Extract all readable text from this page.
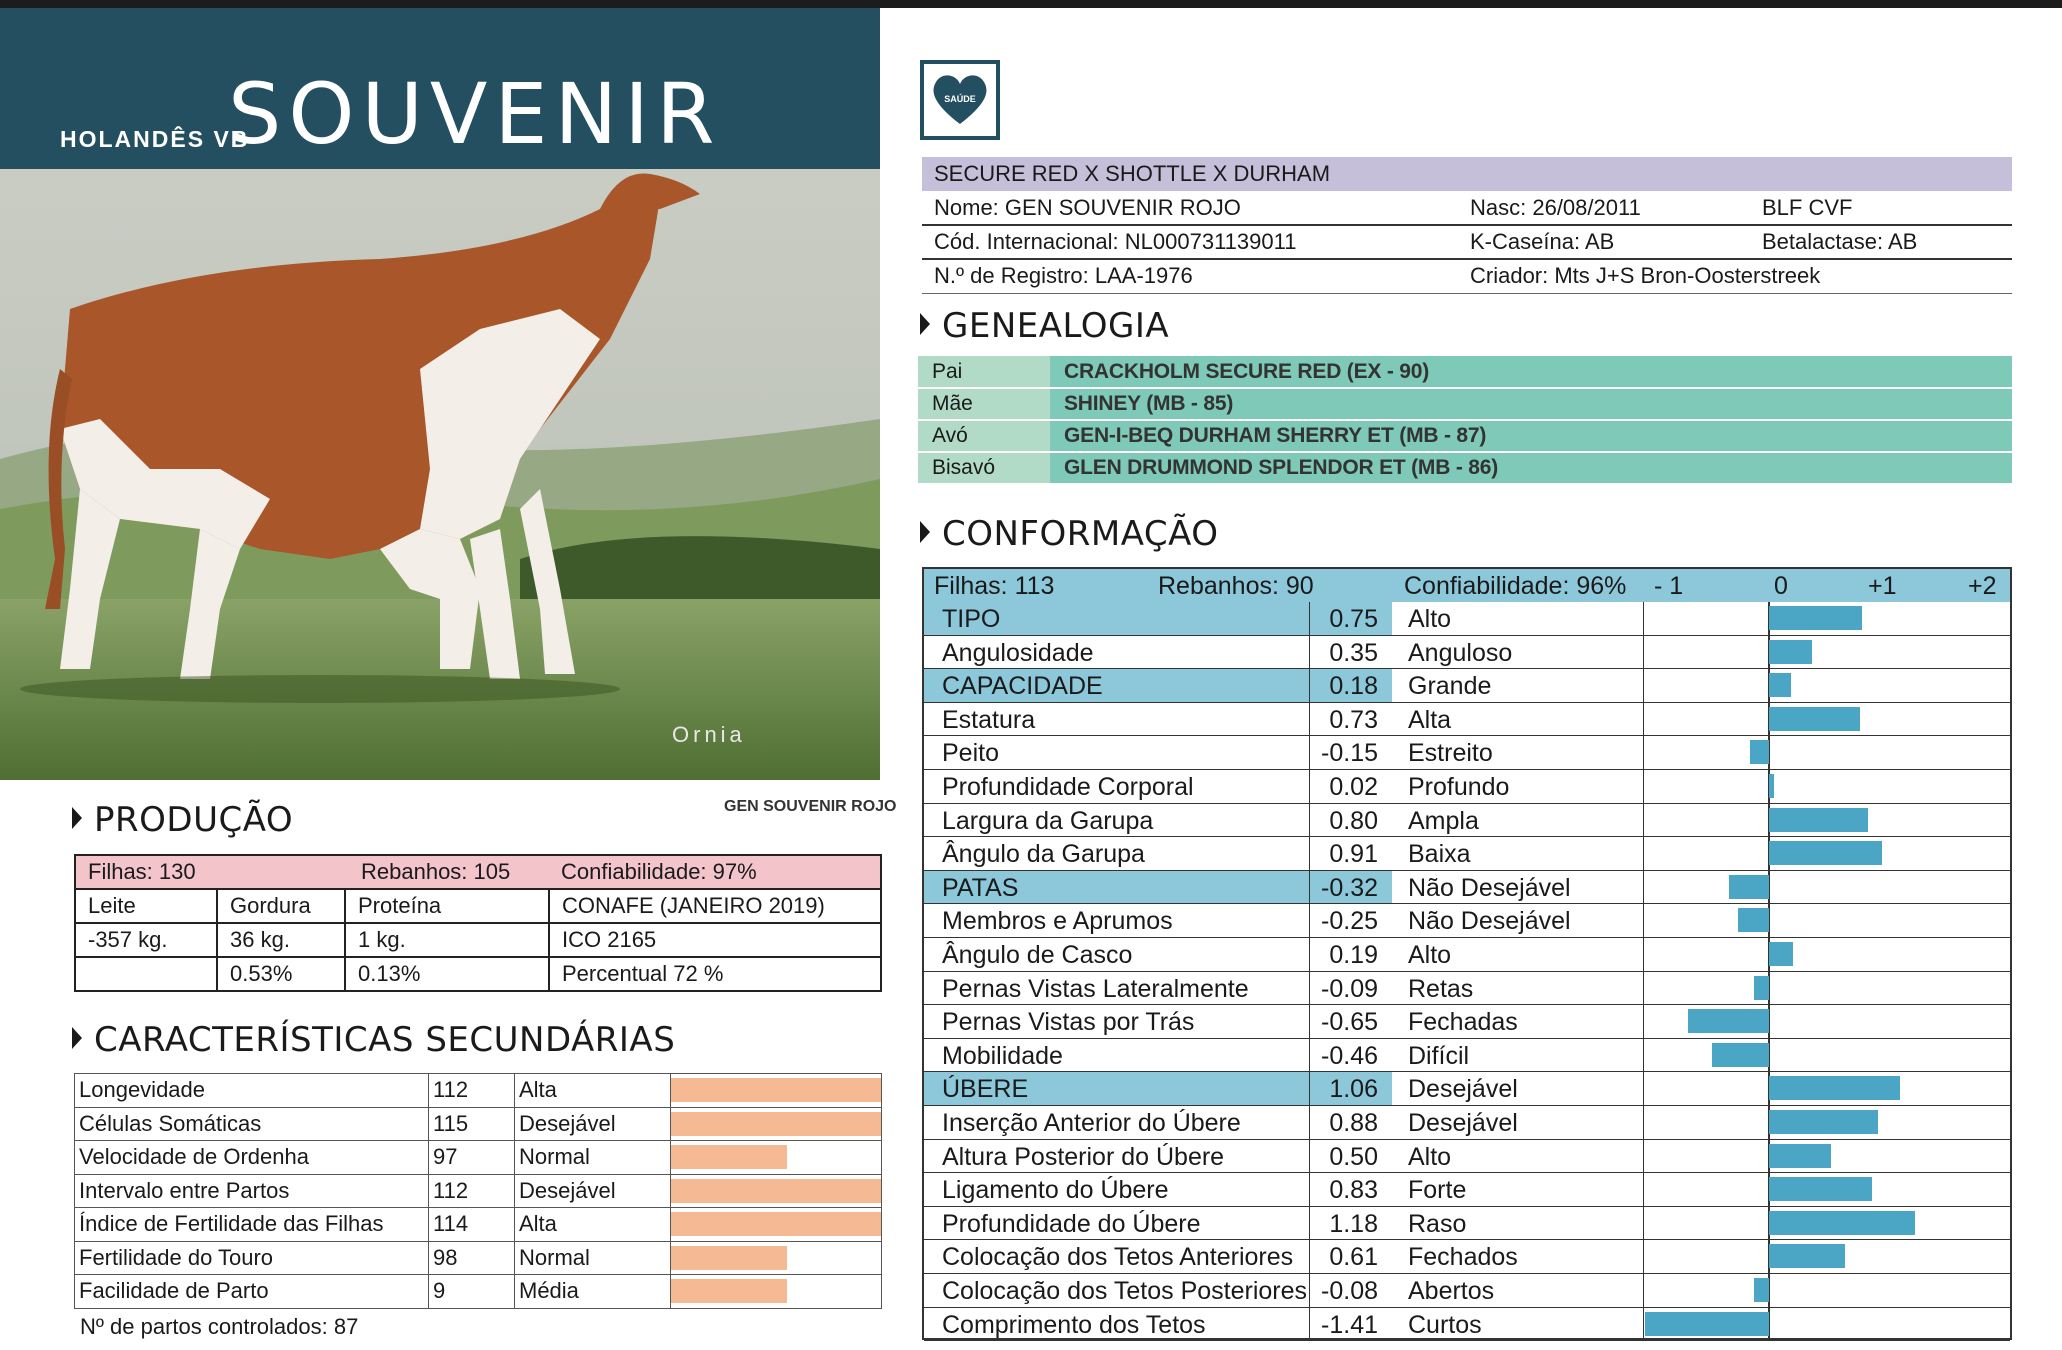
HOLANDÊS VB
SOUVENIR
Ornia
GEN SOUVENIR ROJO
PRODUÇÃO
Filhas: 130		Rebanhos: 105	Confiabilidade: 97%
Leite	Gordura	Proteína	CONAFE (JANEIRO 2019)
-357 kg.	36 kg.	1 kg.	ICO 2165
	0.53%	0.13%	Percentual 72 %
CARACTERÍSTICAS SECUNDÁRIAS
Longevidade	112	Alta	

Células Somáticas	115	Desejável	

Velocidade de Ordenha	97	Normal	

Intervalo entre Partos	112	Desejável	

Índice de Fertilidade das Filhas	114	Alta	

Fertilidade do Touro	98	Normal	

Facilidade de Parto	9	Média	
Nº de partos controlados: 87
SAÚDE
SECURE RED X SHOTTLE X DURHAM		
Nome: GEN SOUVENIR ROJO	Nasc: 26/08/2011	BLF CVF
Cód. Internacional: NL000731139011	K-Caseína: AB	Betalactase: AB
N.º de Registro: LAA-1976	Criador: Mts J+S Bron-Oosterstreek	
GENEALOGIA
Pai	CRACKHOLM SECURE RED (EX - 90)
Mãe	SHINEY (MB - 85)
Avó	GEN-I-BEQ DURHAM SHERRY ET (MB - 87)
Bisavó	GLEN DRUMMOND SPLENDOR ET (MB - 86)
CONFORMAÇÃO
Filhas: 113	Rebanhos: 90	Confiabilidade: 96% - 1	0	+1	+2
TIPO	0.75	Alto
Angulosidade	0.35	Anguloso
CAPACIDADE	0.18	Grande
Estatura	0.73	Alta
Peito	-0.15	Estreito
Profundidade Corporal	0.02	Profundo
Largura da Garupa	0.80	Ampla
Ângulo da Garupa	0.91	Baixa
PATAS	-0.32	Não Desejável
Membros e Aprumos	-0.25	Não Desejável
Ângulo de Casco	0.19	Alto
Pernas Vistas Lateralmente	-0.09	Retas
Pernas Vistas por Trás	-0.65	Fechadas
Mobilidade	-0.46	Difícil
ÚBERE	1.06	Desejável
Inserção Anterior do Úbere	0.88	Desejável
Altura Posterior do Úbere	0.50	Alto
Ligamento do Úbere	0.83	Forte
Profundidade do Úbere	1.18	Raso
Colocação dos Tetos Anteriores	0.61	Fechados
Colocação dos Tetos Posteriores -0.08	Abertos
Comprimento dos Tetos	-1.41	Curtos
